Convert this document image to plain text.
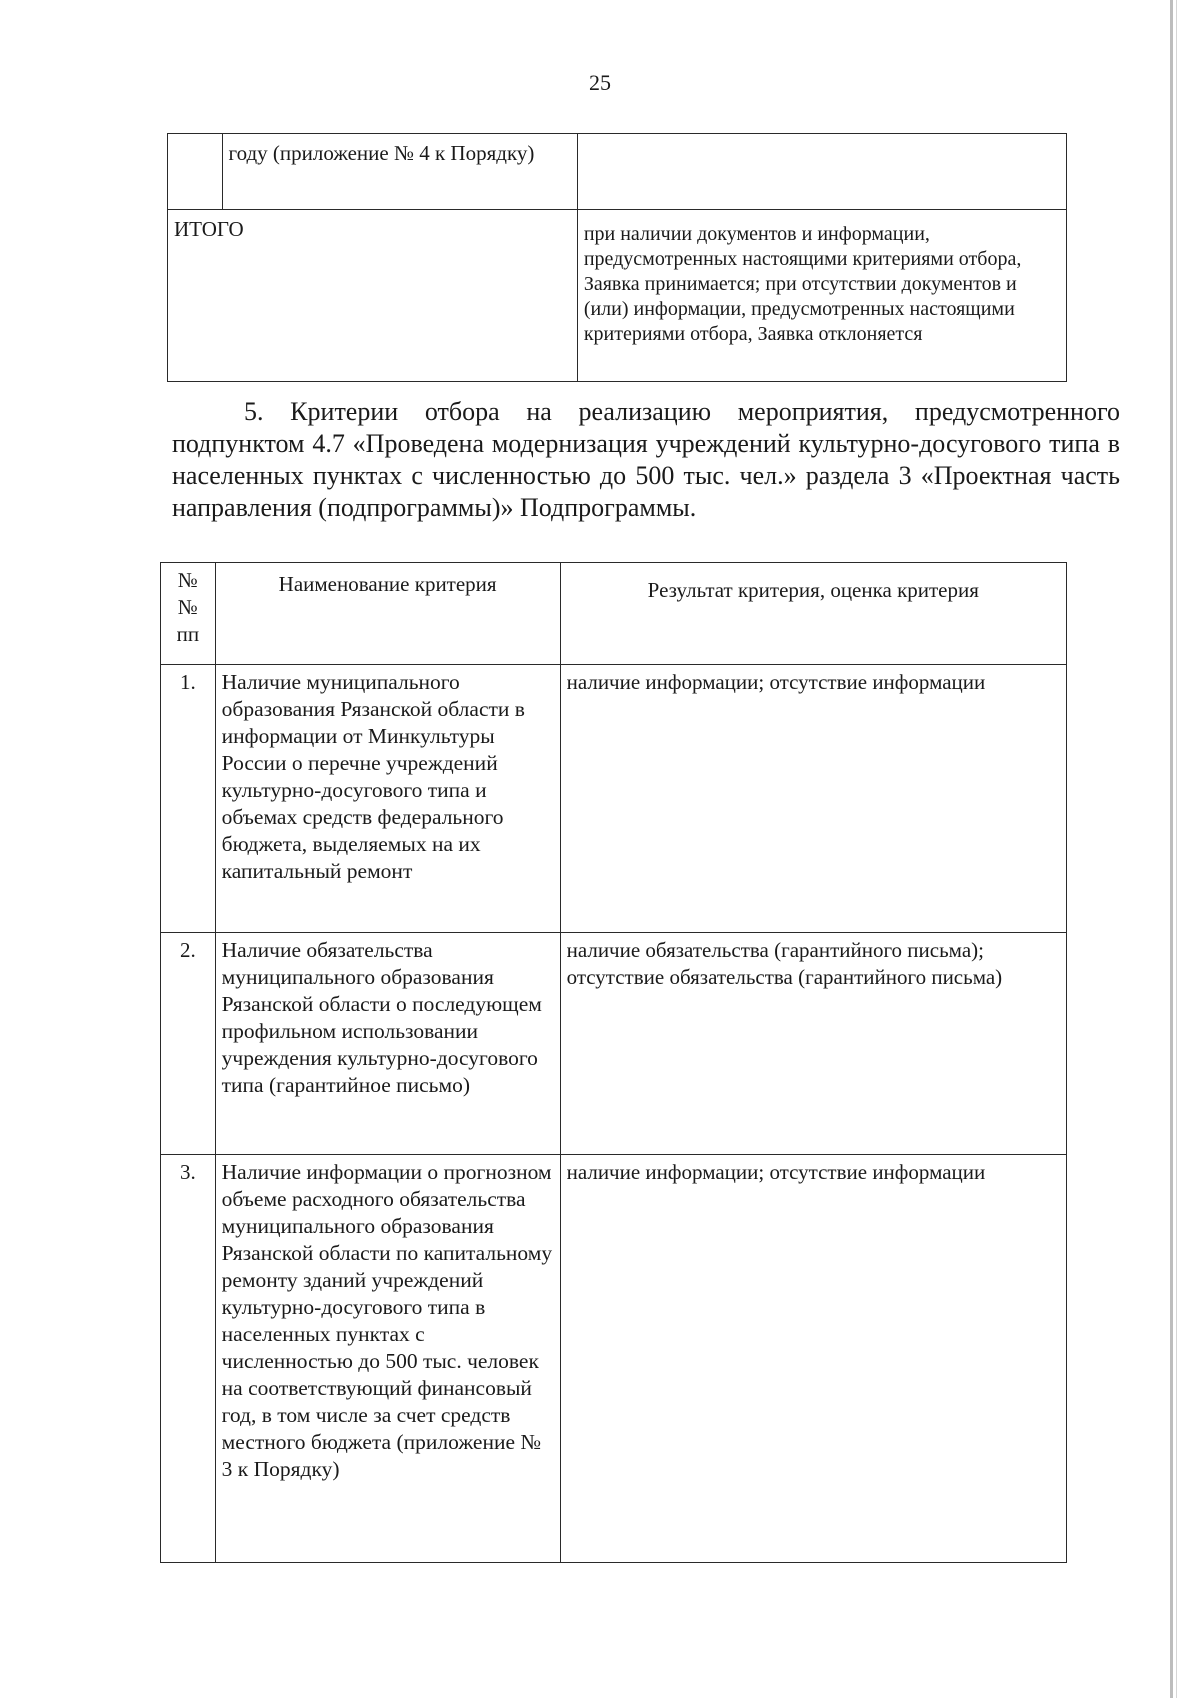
25
	году (приложение № 4 к Порядку)	
ИТОГО		при наличии документов и информации, предусмотренных настоящими критериями отбора, Заявка принимается; при отсутствии документов и (или) информации, предусмотренных настоящими критериями отбора, Заявка отклоняется
5. Критерии отбора на реализацию мероприятия, предусмотренного подпунктом 4.7 «Проведена модернизация учреждений культурно-досугового типа в населенных пунктах с численностью до 500 тыс. чел.» раздела 3 «Проектная часть направления (подпрограммы)» Подпрограммы.
№ № пп	Наименование критерия	Результат критерия, оценка критерия
1.	Наличие муниципального образования Рязанской области в информации от Минкультуры России о перечне учреждений культурно-досугового типа и объемах средств федерального бюджета, выделяемых на их капитальный ремонт	наличие информации; отсутствие информации
2.	Наличие обязательства муниципального образования Рязанской области о последующем профильном использовании учреждения культурно-досугового типа (гарантийное письмо)	наличие обязательства (гарантийного письма); отсутствие обязательства (гарантийного письма)
3.	Наличие информации о прогнозном объеме расходного обязательства муниципального образования Рязанской области по капитальному ремонту зданий учреждений культурно-досугового типа в населенных пунктах с численностью до 500 тыс. человек на соответствующий финансовый год, в том числе за счет средств местного бюджета (приложение № 3 к Порядку)	наличие информации; отсутствие информации
